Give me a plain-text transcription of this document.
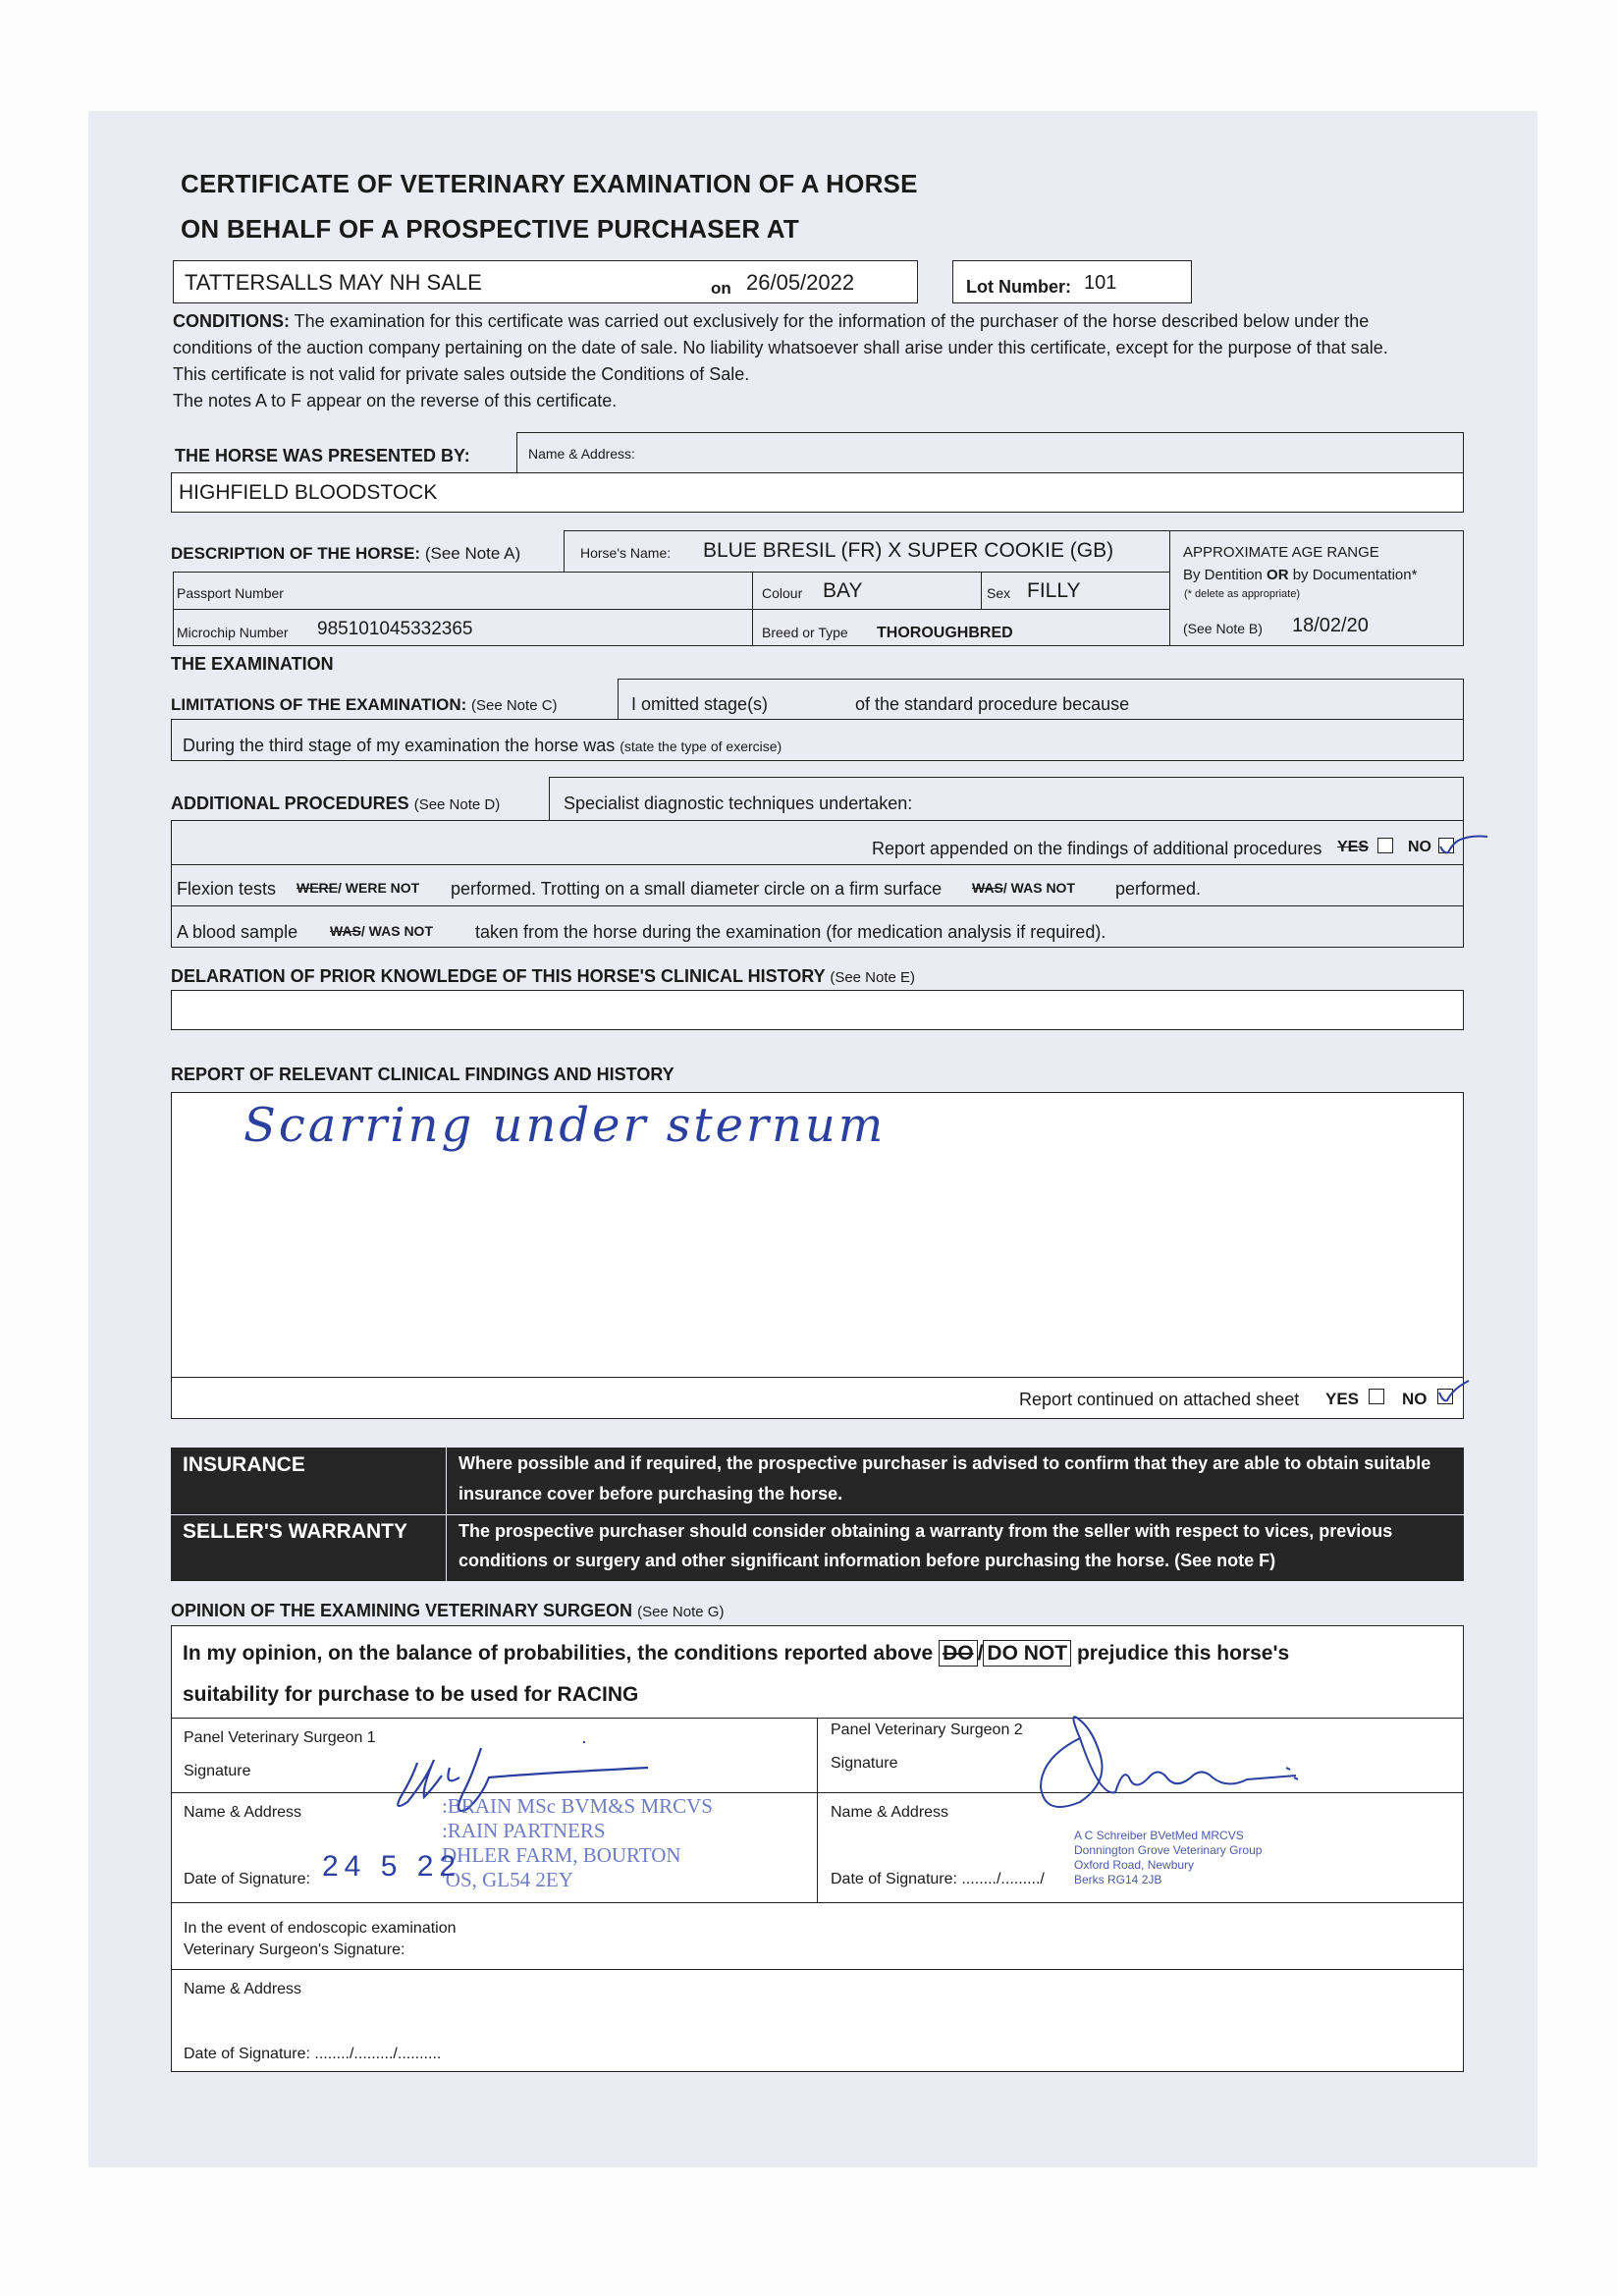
CERTIFICATE OF VETERINARY EXAMINATION OF A HORSE
ON BEHALF OF A PROSPECTIVE PURCHASER AT
TATTERSALLS MAY NH SALE	on 26/05/2022	Lot Number: 101
CONDITIONS: The examination for this certificate was carried out exclusively for the information of the purchaser of the horse described below under the conditions of the auction company pertaining on the date of sale. No liability whatsoever shall arise under this certificate, except for the purpose of that sale. This certificate is not valid for private sales outside the Conditions of Sale.
The notes A to F appear on the reverse of this certificate.
THE HORSE WAS PRESENTED BY:	Name & Address:
HIGHFIELD BLOODSTOCK
DESCRIPTION OF THE HORSE: (See Note A)	Horse's Name: BLUE BRESIL (FR) X SUPER COOKIE (GB)
Passport Number	Colour BAY	Sex FILLY
Microchip Number 985101045332365	Breed or Type THOROUGHBRED
APPROXIMATE AGE RANGE
By Dentition OR by Documentation*
(* delete as appropriate)
(See Note B) 18/02/20
THE EXAMINATION
LIMITATIONS OF THE EXAMINATION: (See Note C)	I omitted stage(s)	of the standard procedure because
During the third stage of my examination the horse was (state the type of exercise)
ADDITIONAL PROCEDURES (See Note D)	Specialist diagnostic techniques undertaken:
Report appended on the findings of additional procedures YES NO
Flexion tests WERE/ WERE NOT performed. Trotting on a small diameter circle on a firm surface WAS/ WAS NOT performed.
A blood sample WAS/ WAS NOT taken from the horse during the examination (for medication analysis if required).
DELARATION OF PRIOR KNOWLEDGE OF THIS HORSE'S CLINICAL HISTORY (See Note E)
REPORT OF RELEVANT CLINICAL FINDINGS AND HISTORY
Scarring under sternum
Report continued on attached sheet YES	NO
INSURANCE	Where possible and if required, the prospective purchaser is advised to confirm that they are able to obtain suitable
insurance cover before purchasing the horse.
SELLER'S WARRANTY	The prospective purchaser should consider obtaining a warranty from the seller with respect to vices, previous
conditions or surgery and other significant information before purchasing the horse. (See note F)
OPINION OF THE EXAMINING VETERINARY SURGEON (See Note G)
In my opinion, on the balance of probabilities, the conditions reported above DO / DO NOT prejudice this horse's
suitability for purchase to be used for RACING
Panel Veterinary Surgeon 1
Signature
Name & Address	:BRAIN MSc BVM&S MRCVS
:RAIN PARTNERS
DHLER FARM, BOURTON
'OS, GL54 2EY
Date of Signature: 24 5 22
Panel Veterinary Surgeon 2
Signature
Name & Address
A C Schreiber BVetMed MRCVS
Donnington Grove Veterinary Group
Oxford Road, Newbury
Berks RG14 2JB
Date of Signature: ......../........./
In the event of endoscopic examination
Veterinary Surgeon's Signature:
Name & Address
Date of Signature: ......../........./..........
